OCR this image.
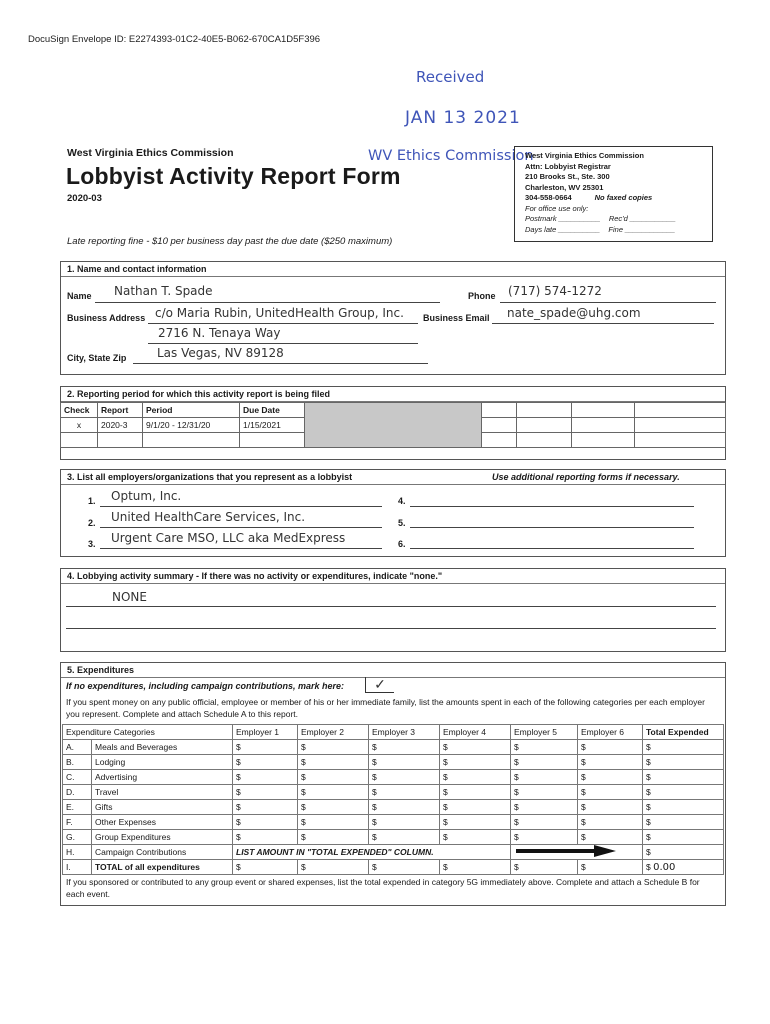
DocuSign Envelope ID: E2274393-01C2-40E5-B062-670CA1D5F396
Received
JAN 13 2021
WV Ethics Commission
West Virginia Ethics Commission
Lobbyist Activity Report Form
2020-03
Late reporting fine - $10 per business day past the due date ($250 maximum)
West Virginia Ethics Commission
Attn: Lobbyist Registrar
210 Brooks St., Ste. 300
Charleston, WV 25301
304-558-0664	No faxed copies
For office use only:
Postmark __________    Rec'd ___________
Days late __________    Fine ____________
1. Name and contact information
Name Nathan T. Spade	Phone (717) 574-1272
Business Address c/o Maria Rubin, UnitedHealth Group, Inc.
2716 N. Tenaya Way
Business Email nate_spade@uhg.com
City, State Zip	Las Vegas, NV 89128
2. Reporting period for which this activity report is being filed
Check	Report	Period	Due Date					
x	2020-3	9/1/20 - 12/31/20	1/15/2021					

3. List all employers/organizations that you represent as a lobbyist	Use additional reporting forms if necessary.
1. Optum, Inc.
2. United HealthCare Services, Inc.
3. Urgent Care MSO, LLC aka MedExpress
4.
5.
6.
4. Lobbying activity summary - If there was no activity or expenditures, indicate "none."
NONE
5. Expenditures
If no expenditures, including campaign contributions, mark here:	✓
If you spent money on any public official, employee or member of his or her immediate family, list the amounts spent in each of the following categories per each employer you represent. Complete and attach Schedule A to this report.
Expenditure Categories		Employer 1	Employer 2	Employer 3	Employer 4	Employer 5	Employer 6	Total Expended
A.	Meals and Beverages	$	$	$	$	$	$	$
B.	Lodging	$	$	$	$	$	$	$
C.	Advertising	$	$	$	$	$	$	$
D.	Travel	$	$	$	$	$	$	$
E.	Gifts	$	$	$	$	$	$	$
F.	Other Expenses	$	$	$	$	$	$	$
G.	Group Expenditures	$	$	$	$	$	$	$
H.	Campaign Contributions	LIST AMOUNT IN "TOTAL EXPENDED" COLUMN.						$
I.	TOTAL of all expenditures	$	$	$	$	$	$	$ 0.00
If you sponsored or contributed to any group event or shared expenses, list the total expended in category 5G immediately above. Complete and attach a Schedule B for each event.
